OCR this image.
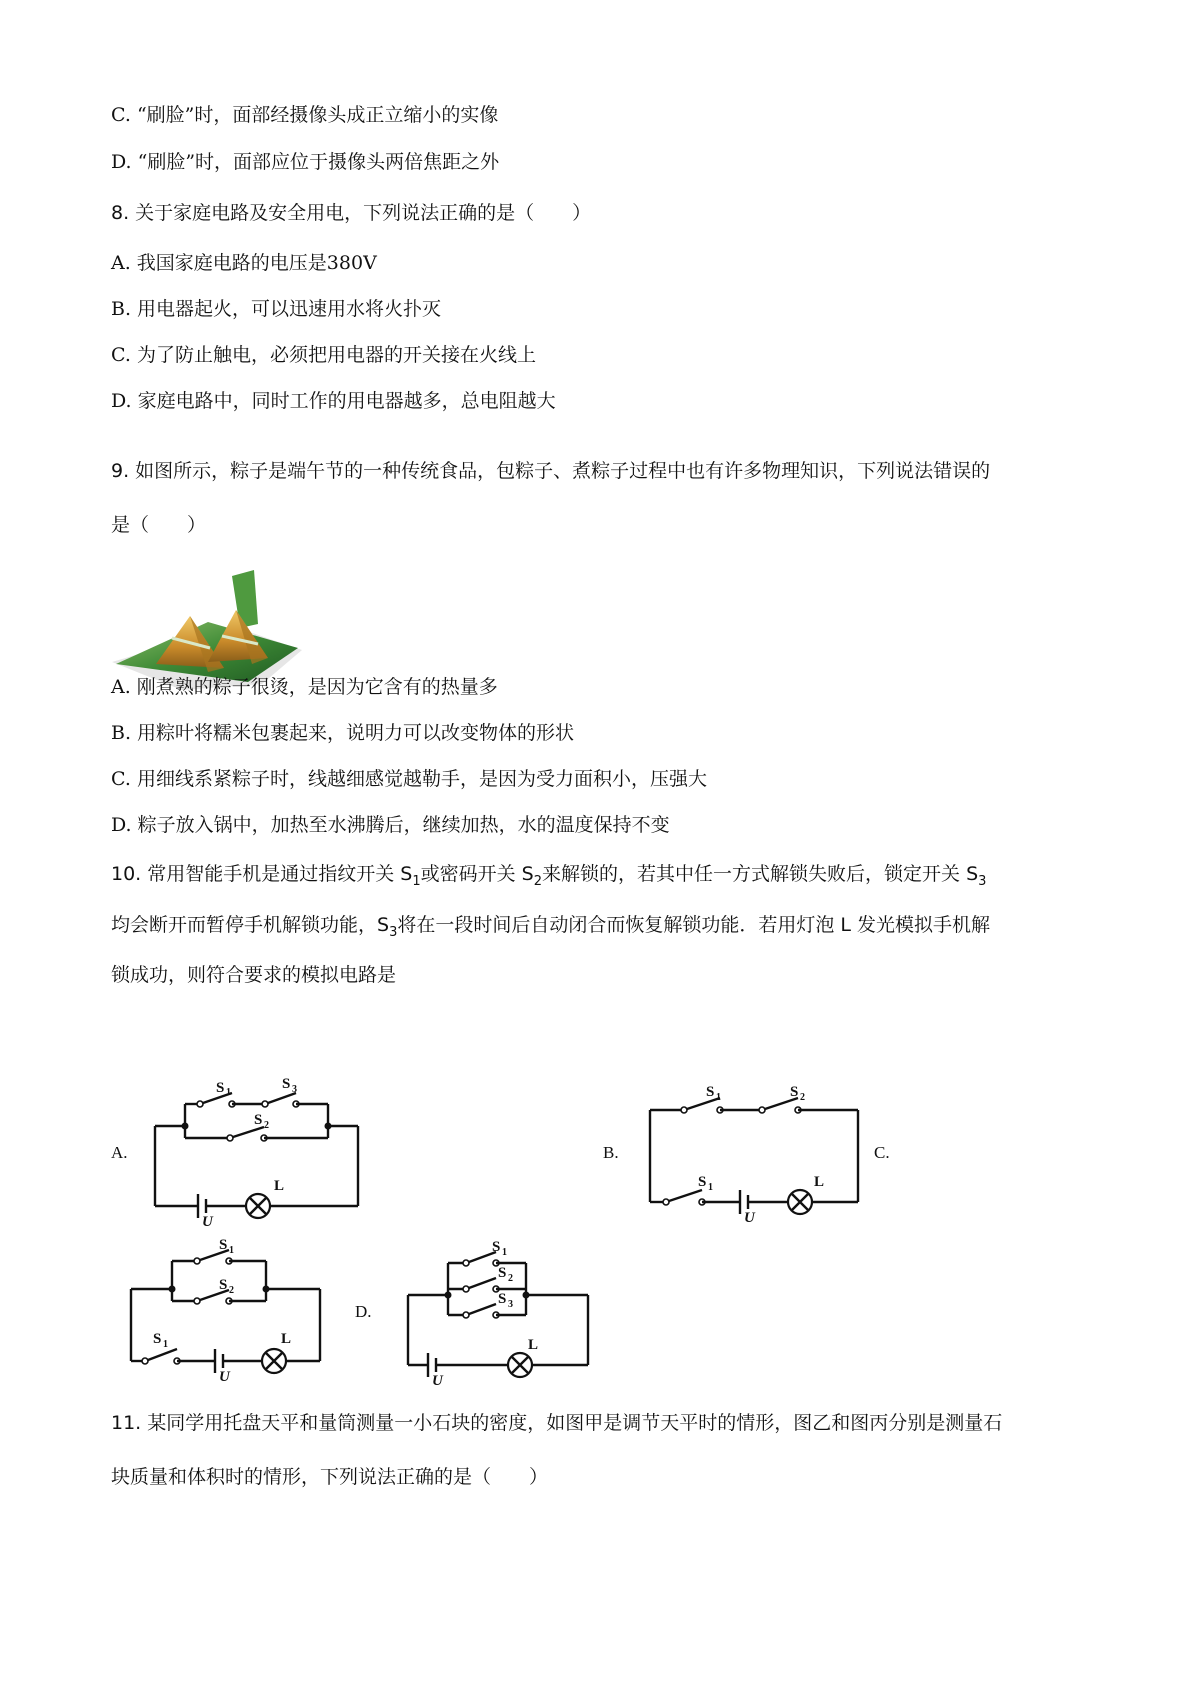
C. “刷脸”时，面部经摄像头成正立缩小的实像
D. “刷脸”时，面部应位于摄像头两倍焦距之外
8. 关于家庭电路及安全用电，下列说法正确的是（　　）
A. 我国家庭电路的电压是380V
B. 用电器起火，可以迅速用水将火扑灭
C. 为了防止触电，必须把用电器的开关接在火线上
D. 家庭电路中，同时工作的用电器越多，总电阻越大
9. 如图所示，粽子是端午节的一种传统食品，包粽子、煮粽子过程中也有许多物理知识，下列说法错误的
是（　　）
A. 刚煮熟的粽子很烫，是因为它含有的热量多
B. 用粽叶将糯米包裹起来，说明力可以改变物体的形状
C. 用细线系紧粽子时，线越细感觉越勒手，是因为受力面积小，压强大
D. 粽子放入锅中，加热至水沸腾后，继续加热，水的温度保持不变
10. 常用智能手机是通过指纹开关 $S_1$或密码开关 $S_2$来解锁的，若其中任一方式解锁失败后，锁定开关 $S_3$
均会断开而暂停手机解锁功能，$S_3$将在一段时间后自动闭合而恢复解锁功能．若用灯泡 L 发光模拟手机解
锁成功，则符合要求的模拟电路是
A.	B.	C.
D.
S 1
S 3
S 2
L
U
S 1	S 2
S 1	L
U
S 1
S 2
S 1	L
U
S 1
S 2
S 3
L
U
11. 某同学用托盘天平和量筒测量一小石块的密度，如图甲是调节天平时的情形，图乙和图丙分别是测量石
块质量和体积时的情形，下列说法正确的是（　　）
